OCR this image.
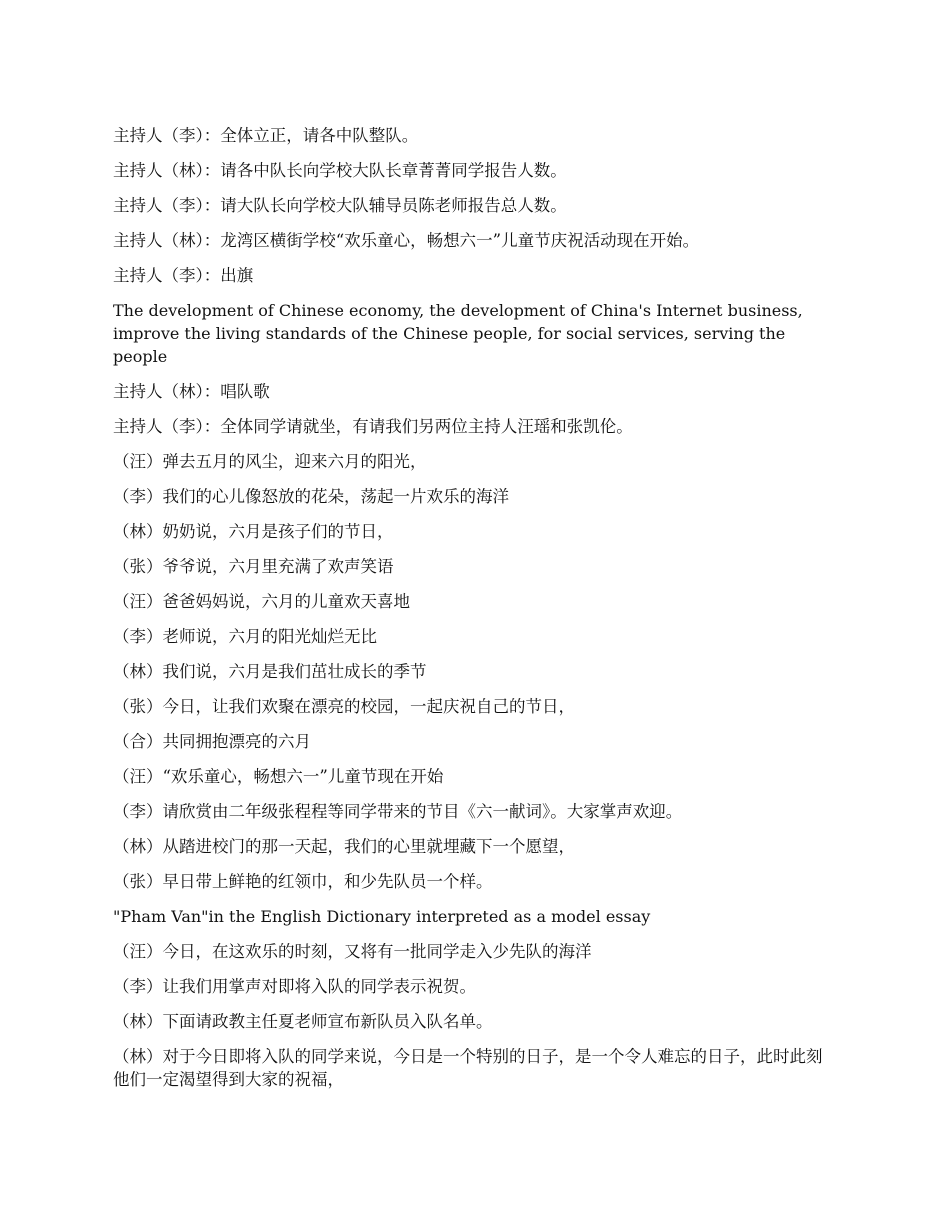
主持人（李）：全体立正，请各中队整队。

主持人（林）：请各中队长向学校大队长章菁菁同学报告人数。

主持人（李）：请大队长向学校大队辅导员陈老师报告总人数。

主持人（林）：龙湾区横街学校“欢乐童心，畅想六一”儿童节庆祝活动现在开始。

主持人（李）：出旗

The development of Chinese economy, the development of China's Internet business, improve the living standards of the Chinese people, for social services, serving the people

主持人（林）：唱队歌

主持人（李）：全体同学请就坐，有请我们另两位主持人汪瑶和张凯伦。

（汪）弹去五月的风尘，迎来六月的阳光，

（李）我们的心儿像怒放的花朵，荡起一片欢乐的海洋

（林）奶奶说，六月是孩子们的节日，

（张）爷爷说，六月里充满了欢声笑语

（汪）爸爸妈妈说，六月的儿童欢天喜地

（李）老师说，六月的阳光灿烂无比

（林）我们说，六月是我们茁壮成长的季节

（张）今日，让我们欢聚在漂亮的校园，一起庆祝自己的节日，

（合）共同拥抱漂亮的六月

（汪）“欢乐童心，畅想六一”儿童节现在开始

（李）请欣赏由二年级张程程等同学带来的节目《六一献词》。大家掌声欢迎。

（林）从踏进校门的那一天起，我们的心里就埋藏下一个愿望，

（张）早日带上鲜艳的红领巾，和少先队员一个样。

"Pham Van"in the English Dictionary interpreted as a model essay

（汪）今日，在这欢乐的时刻，又将有一批同学走入少先队的海洋

（李）让我们用掌声对即将入队的同学表示祝贺。

（林）下面请政教主任夏老师宣布新队员入队名单。

（林）对于今日即将入队的同学来说，今日是一个特别的日子，是一个令人难忘的日子，此时此刻他们一定渴望得到大家的祝福，
